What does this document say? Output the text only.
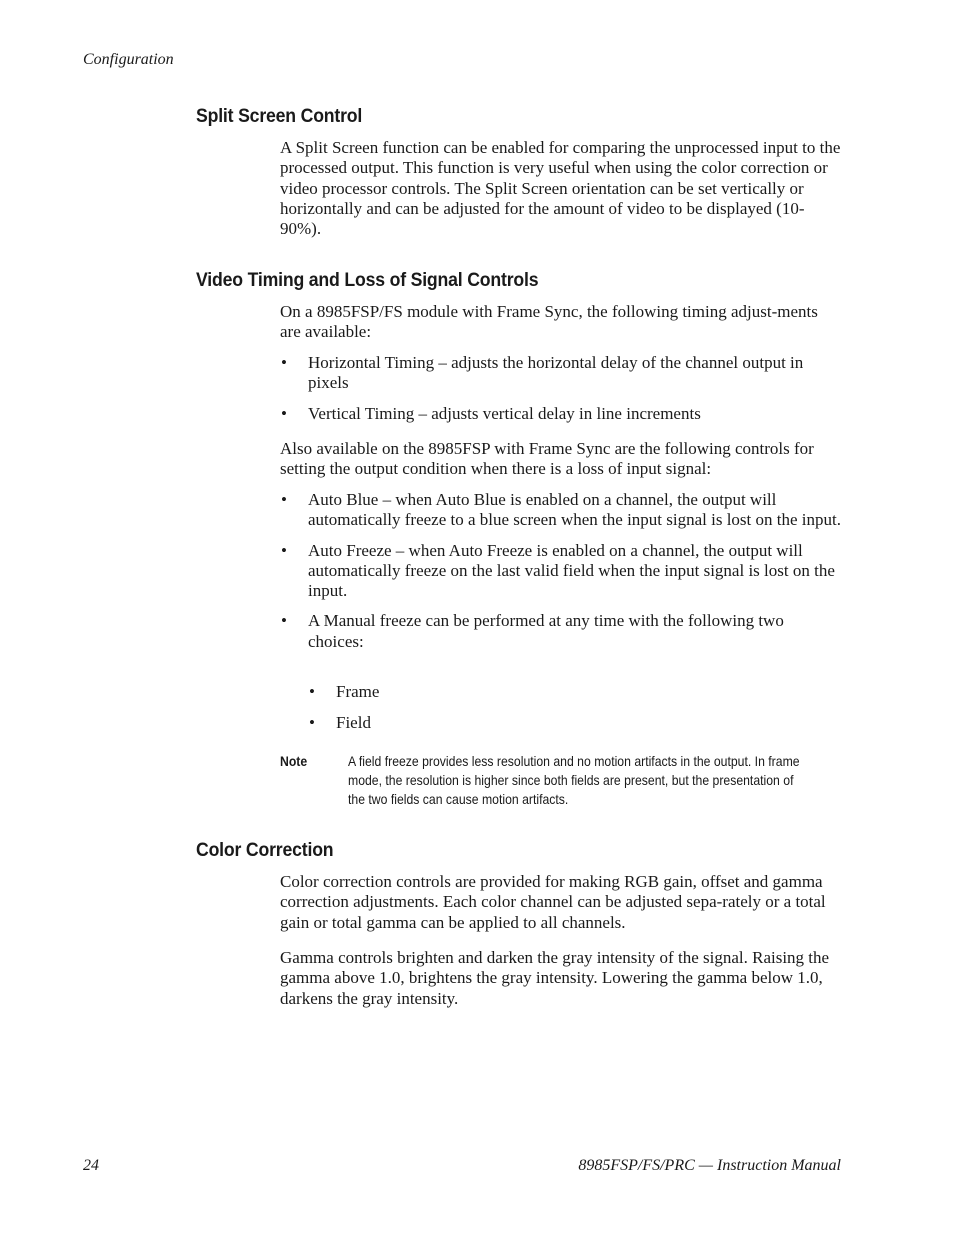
Configuration
Split Screen Control

A Split Screen function can be enabled for comparing the unprocessed input to the processed output. This function is very useful when using the color correction or video processor controls. The Split Screen orientation can be set vertically or horizontally and can be adjusted for the amount of video to be displayed (10-90%).

Video Timing and Loss of Signal Controls

On a 8985FSP/FS module with Frame Sync, the following timing adjust-ments are available:

• Horizontal Timing – adjusts the horizontal delay of the channel output in pixels
• Vertical Timing – adjusts vertical delay in line increments

Also available on the 8985FSP with Frame Sync are the following controls for setting the output condition when there is a loss of input signal:

• Auto Blue – when Auto Blue is enabled on a channel, the output will automatically freeze to a blue screen when the input signal is lost on the input.
• Auto Freeze – when Auto Freeze is enabled on a channel, the output will automatically freeze on the last valid field when the input signal is lost on the input.
• A Manual freeze can be performed at any time with the following two choices:
• Frame
• Field
Note	A field freeze provides less resolution and no motion artifacts in the output. In frame mode, the resolution is higher since both fields are present, but the presentation of the two fields can cause motion artifacts.
Color Correction

Color correction controls are provided for making RGB gain, offset and gamma correction adjustments. Each color channel can be adjusted sepa-rately or a total gain or total gamma can be applied to all channels.

Gamma controls brighten and darken the gray intensity of the signal. Raising the gamma above 1.0, brightens the gray intensity. Lowering the gamma below 1.0, darkens the gray intensity.

24	8985FSP/FS/PRC — Instruction Manual
